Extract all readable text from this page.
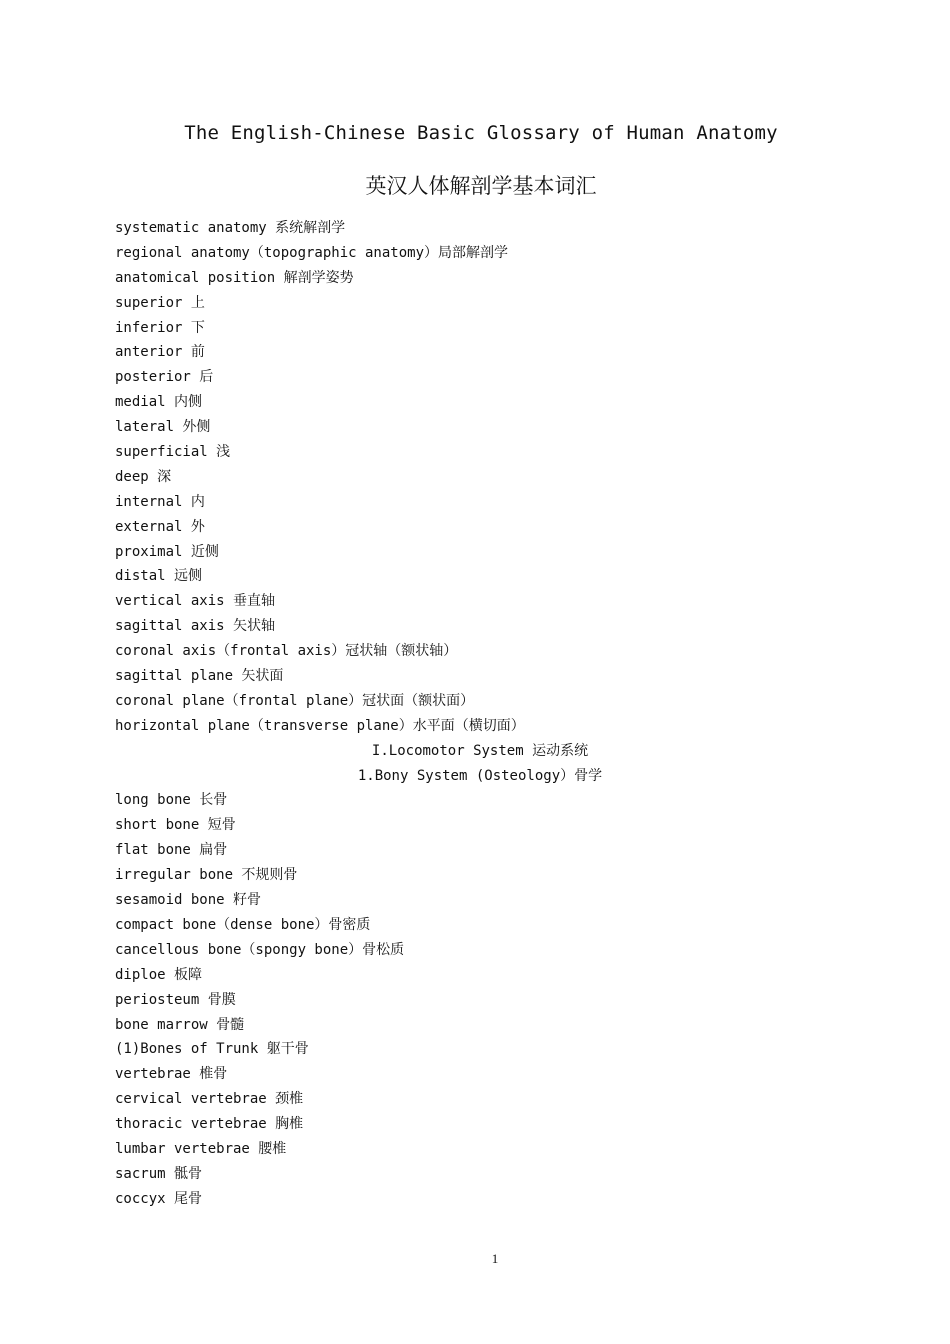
The English-Chinese Basic Glossary of Human Anatomy
英汉人体解剖学基本词汇
systematic anatomy 系统解剖学
regional anatomy（topographic anatomy）局部解剖学
anatomical position 解剖学姿势
superior 上
inferior 下
anterior 前
posterior 后
medial 内侧
lateral 外侧
superficial 浅
deep 深
internal 内
external 外
proximal 近侧
distal 远侧
vertical axis 垂直轴
sagittal axis 矢状轴
coronal axis（frontal axis）冠状轴（额状轴）
sagittal plane 矢状面
coronal plane（frontal plane）冠状面（额状面）
horizontal plane（transverse plane）水平面（横切面）
I.Locomotor System 运动系统
1.Bony System (Osteology）骨学
long bone 长骨
short bone 短骨
flat bone 扁骨
irregular bone 不规则骨
sesamoid bone 籽骨
compact bone（dense bone）骨密质
cancellous bone（spongy bone）骨松质
diploe 板障
periosteum 骨膜
bone marrow 骨髓
(1)Bones of Trunk 躯干骨
vertebrae 椎骨
cervical vertebrae 颈椎
thoracic vertebrae 胸椎
lumbar vertebrae 腰椎
sacrum 骶骨
coccyx 尾骨
1
